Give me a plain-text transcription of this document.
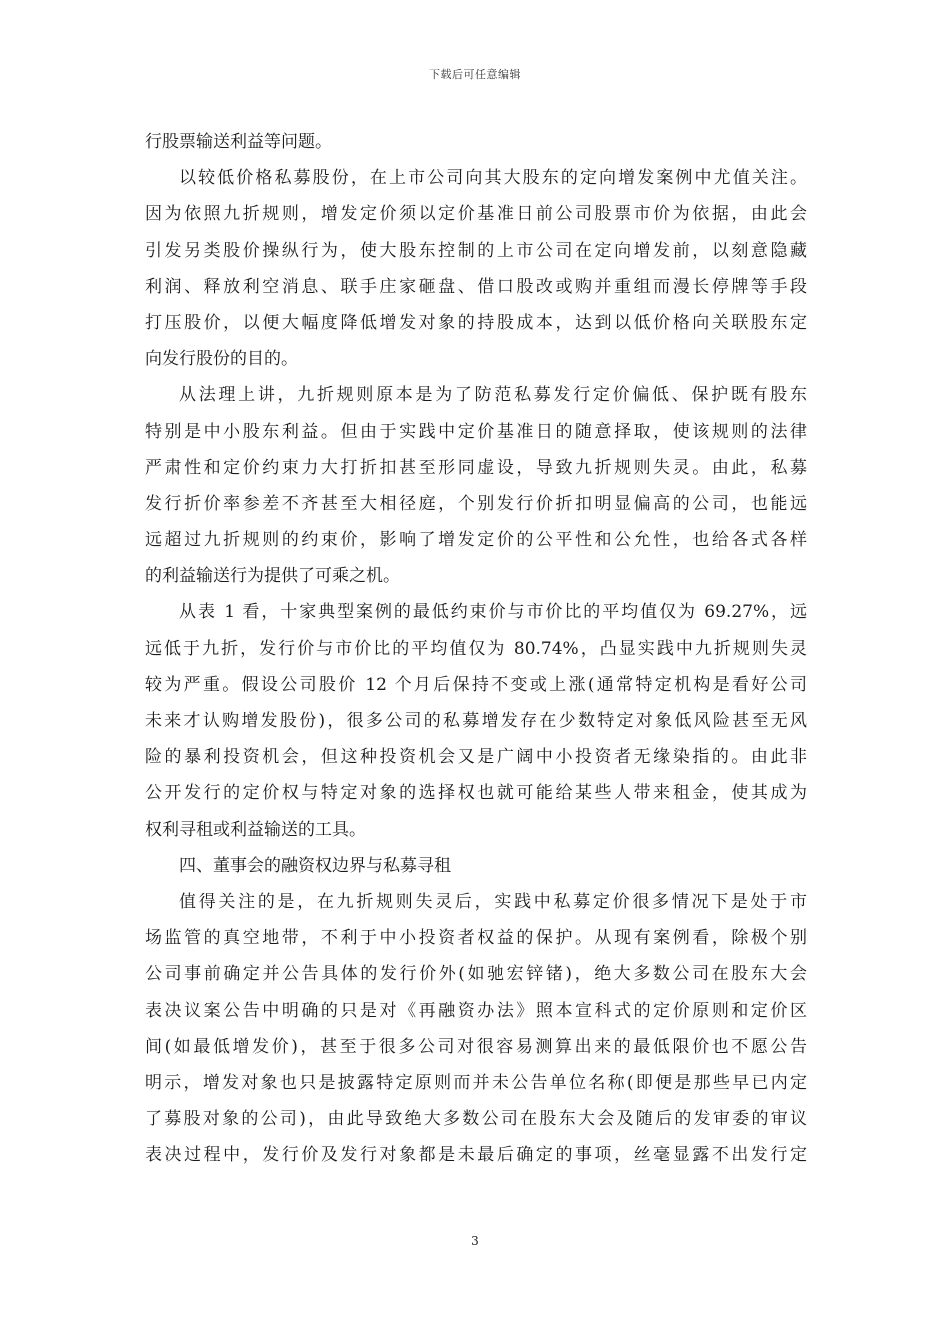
下载后可任意编辑
行股票输送利益等问题。
以较低价格私募股份，在上市公司向其大股东的定向增发案例中尤值关注。
因为依照九折规则，增发定价须以定价基准日前公司股票市价为依据，由此会
引发另类股价操纵行为，使大股东控制的上市公司在定向增发前，以刻意隐藏
利润、释放利空消息、联手庄家砸盘、借口股改或购并重组而漫长停牌等手段
打压股价，以便大幅度降低增发对象的持股成本，达到以低价格向关联股东定
向发行股份的目的。
从法理上讲，九折规则原本是为了防范私募发行定价偏低、保护既有股东
特别是中小股东利益。但由于实践中定价基准日的随意择取，使该规则的法律
严肃性和定价约束力大打折扣甚至形同虚设，导致九折规则失灵。由此，私募
发行折价率参差不齐甚至大相径庭，个别发行价折扣明显偏高的公司，也能远
远超过九折规则的约束价，影响了增发定价的公平性和公允性，也给各式各样
的利益输送行为提供了可乘之机。
从表 1 看，十家典型案例的最低约束价与市价比的平均值仅为 69.27%，远
远低于九折，发行价与市价比的平均值仅为 80.74%，凸显实践中九折规则失灵
较为严重。假设公司股价 12 个月后保持不变或上涨(通常特定机构是看好公司
未来才认购增发股份)，很多公司的私募增发存在少数特定对象低风险甚至无风
险的暴利投资机会，但这种投资机会又是广阔中小投资者无缘染指的。由此非
公开发行的定价权与特定对象的选择权也就可能给某些人带来租金，使其成为
权利寻租或利益输送的工具。
四、董事会的融资权边界与私募寻租
值得关注的是，在九折规则失灵后，实践中私募定价很多情况下是处于市
场监管的真空地带，不利于中小投资者权益的保护。从现有案例看，除极个别
公司事前确定并公告具体的发行价外(如驰宏锌锗)，绝大多数公司在股东大会
表决议案公告中明确的只是对《再融资办法》照本宣科式的定价原则和定价区
间(如最低增发价)，甚至于很多公司对很容易测算出来的最低限价也不愿公告
明示，增发对象也只是披露特定原则而并未公告单位名称(即便是那些早已内定
了募股对象的公司)，由此导致绝大多数公司在股东大会及随后的发审委的审议
表决过程中，发行价及发行对象都是未最后确定的事项，丝毫显露不出发行定
3
